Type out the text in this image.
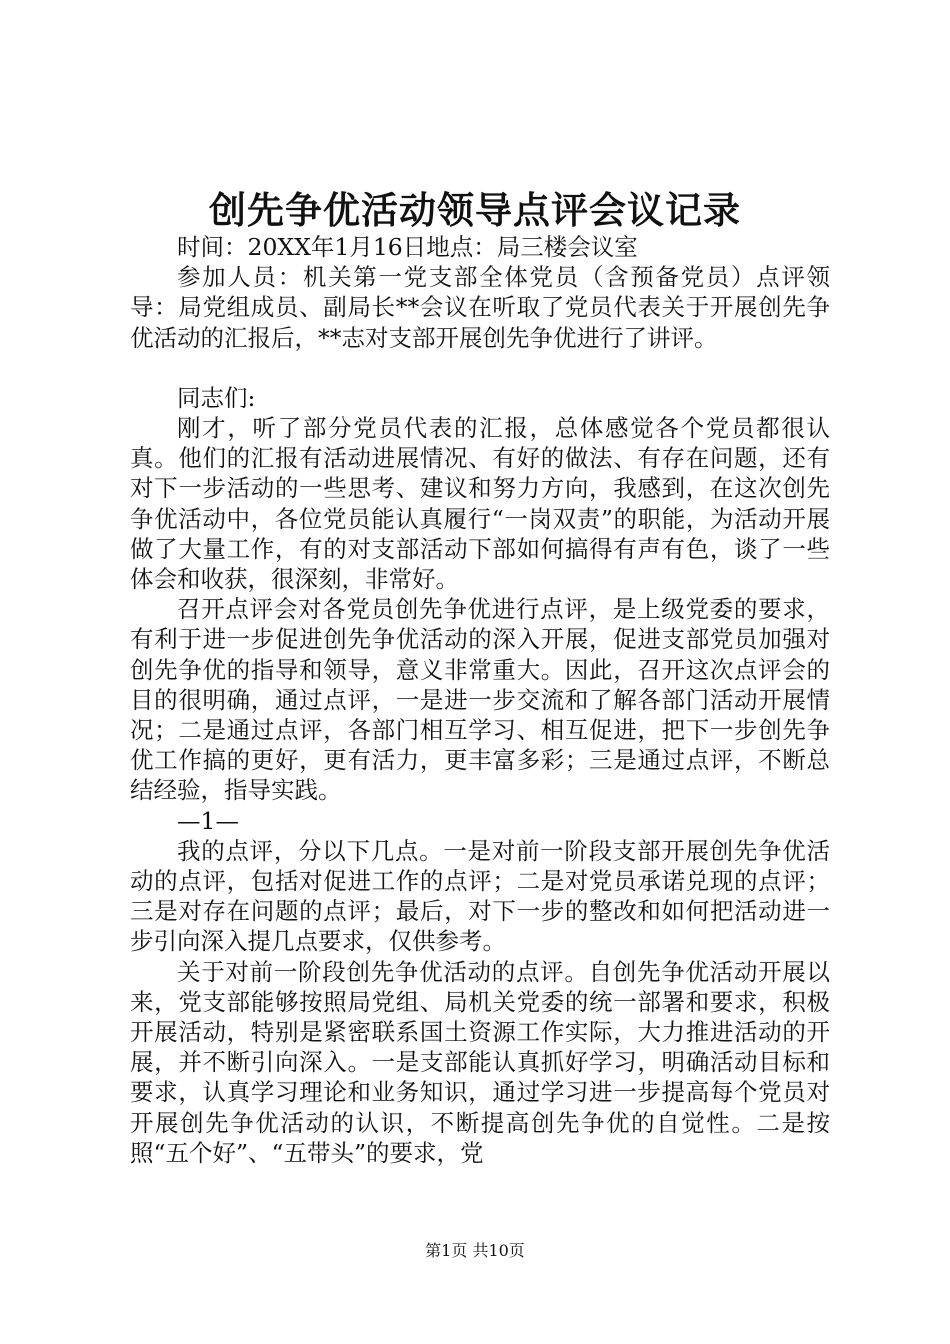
创先争优活动领导点评会议记录

时间：20XX年1月16日地点：局三楼会议室

参加人员：机关第一党支部全体党员（含预备党员）点评领导：局党组成员、副局长**会议在听取了党员代表关于开展创先争优活动的汇报后，**志对支部开展创先争优进行了讲评。

同志们:

刚才，听了部分党员代表的汇报，总体感觉各个党员都很认真。他们的汇报有活动进展情况、有好的做法、有存在问题，还有对下一步活动的一些思考、建议和努力方向，我感到，在这次创先争优活动中，各位党员能认真履行“一岗双责”的职能，为活动开展做了大量工作，有的对支部活动下部如何搞得有声有色，谈了一些体会和收获，很深刻，非常好。

召开点评会对各党员创先争优进行点评，是上级党委的要求，有利于进一步促进创先争优活动的深入开展，促进支部党员加强对创先争优的指导和领导，意义非常重大。因此，召开这次点评会的目的很明确，通过点评，一是进一步交流和了解各部门活动开展情况；二是通过点评，各部门相互学习、相互促进，把下一步创先争优工作搞的更好，更有活力，更丰富多彩；三是通过点评，不断总结经验，指导实践。

—1—

我的点评，分以下几点。一是对前一阶段支部开展创先争优活动的点评，包括对促进工作的点评；二是对党员承诺兑现的点评；三是对存在问题的点评；最后，对下一步的整改和如何把活动进一步引向深入提几点要求，仅供参考。

关于对前一阶段创先争优活动的点评。自创先争优活动开展以来，党支部能够按照局党组、局机关党委的统一部署和要求，积极开展活动，特别是紧密联系国土资源工作实际，大力推进活动的开展，并不断引向深入。一是支部能认真抓好学习，明确活动目标和要求，认真学习理论和业务知识，通过学习进一步提高每个党员对开展创先争优活动的认识，不断提高创先争优的自觉性。二是按照“五个好”、“五带头”的要求，党

第1页 共10页
